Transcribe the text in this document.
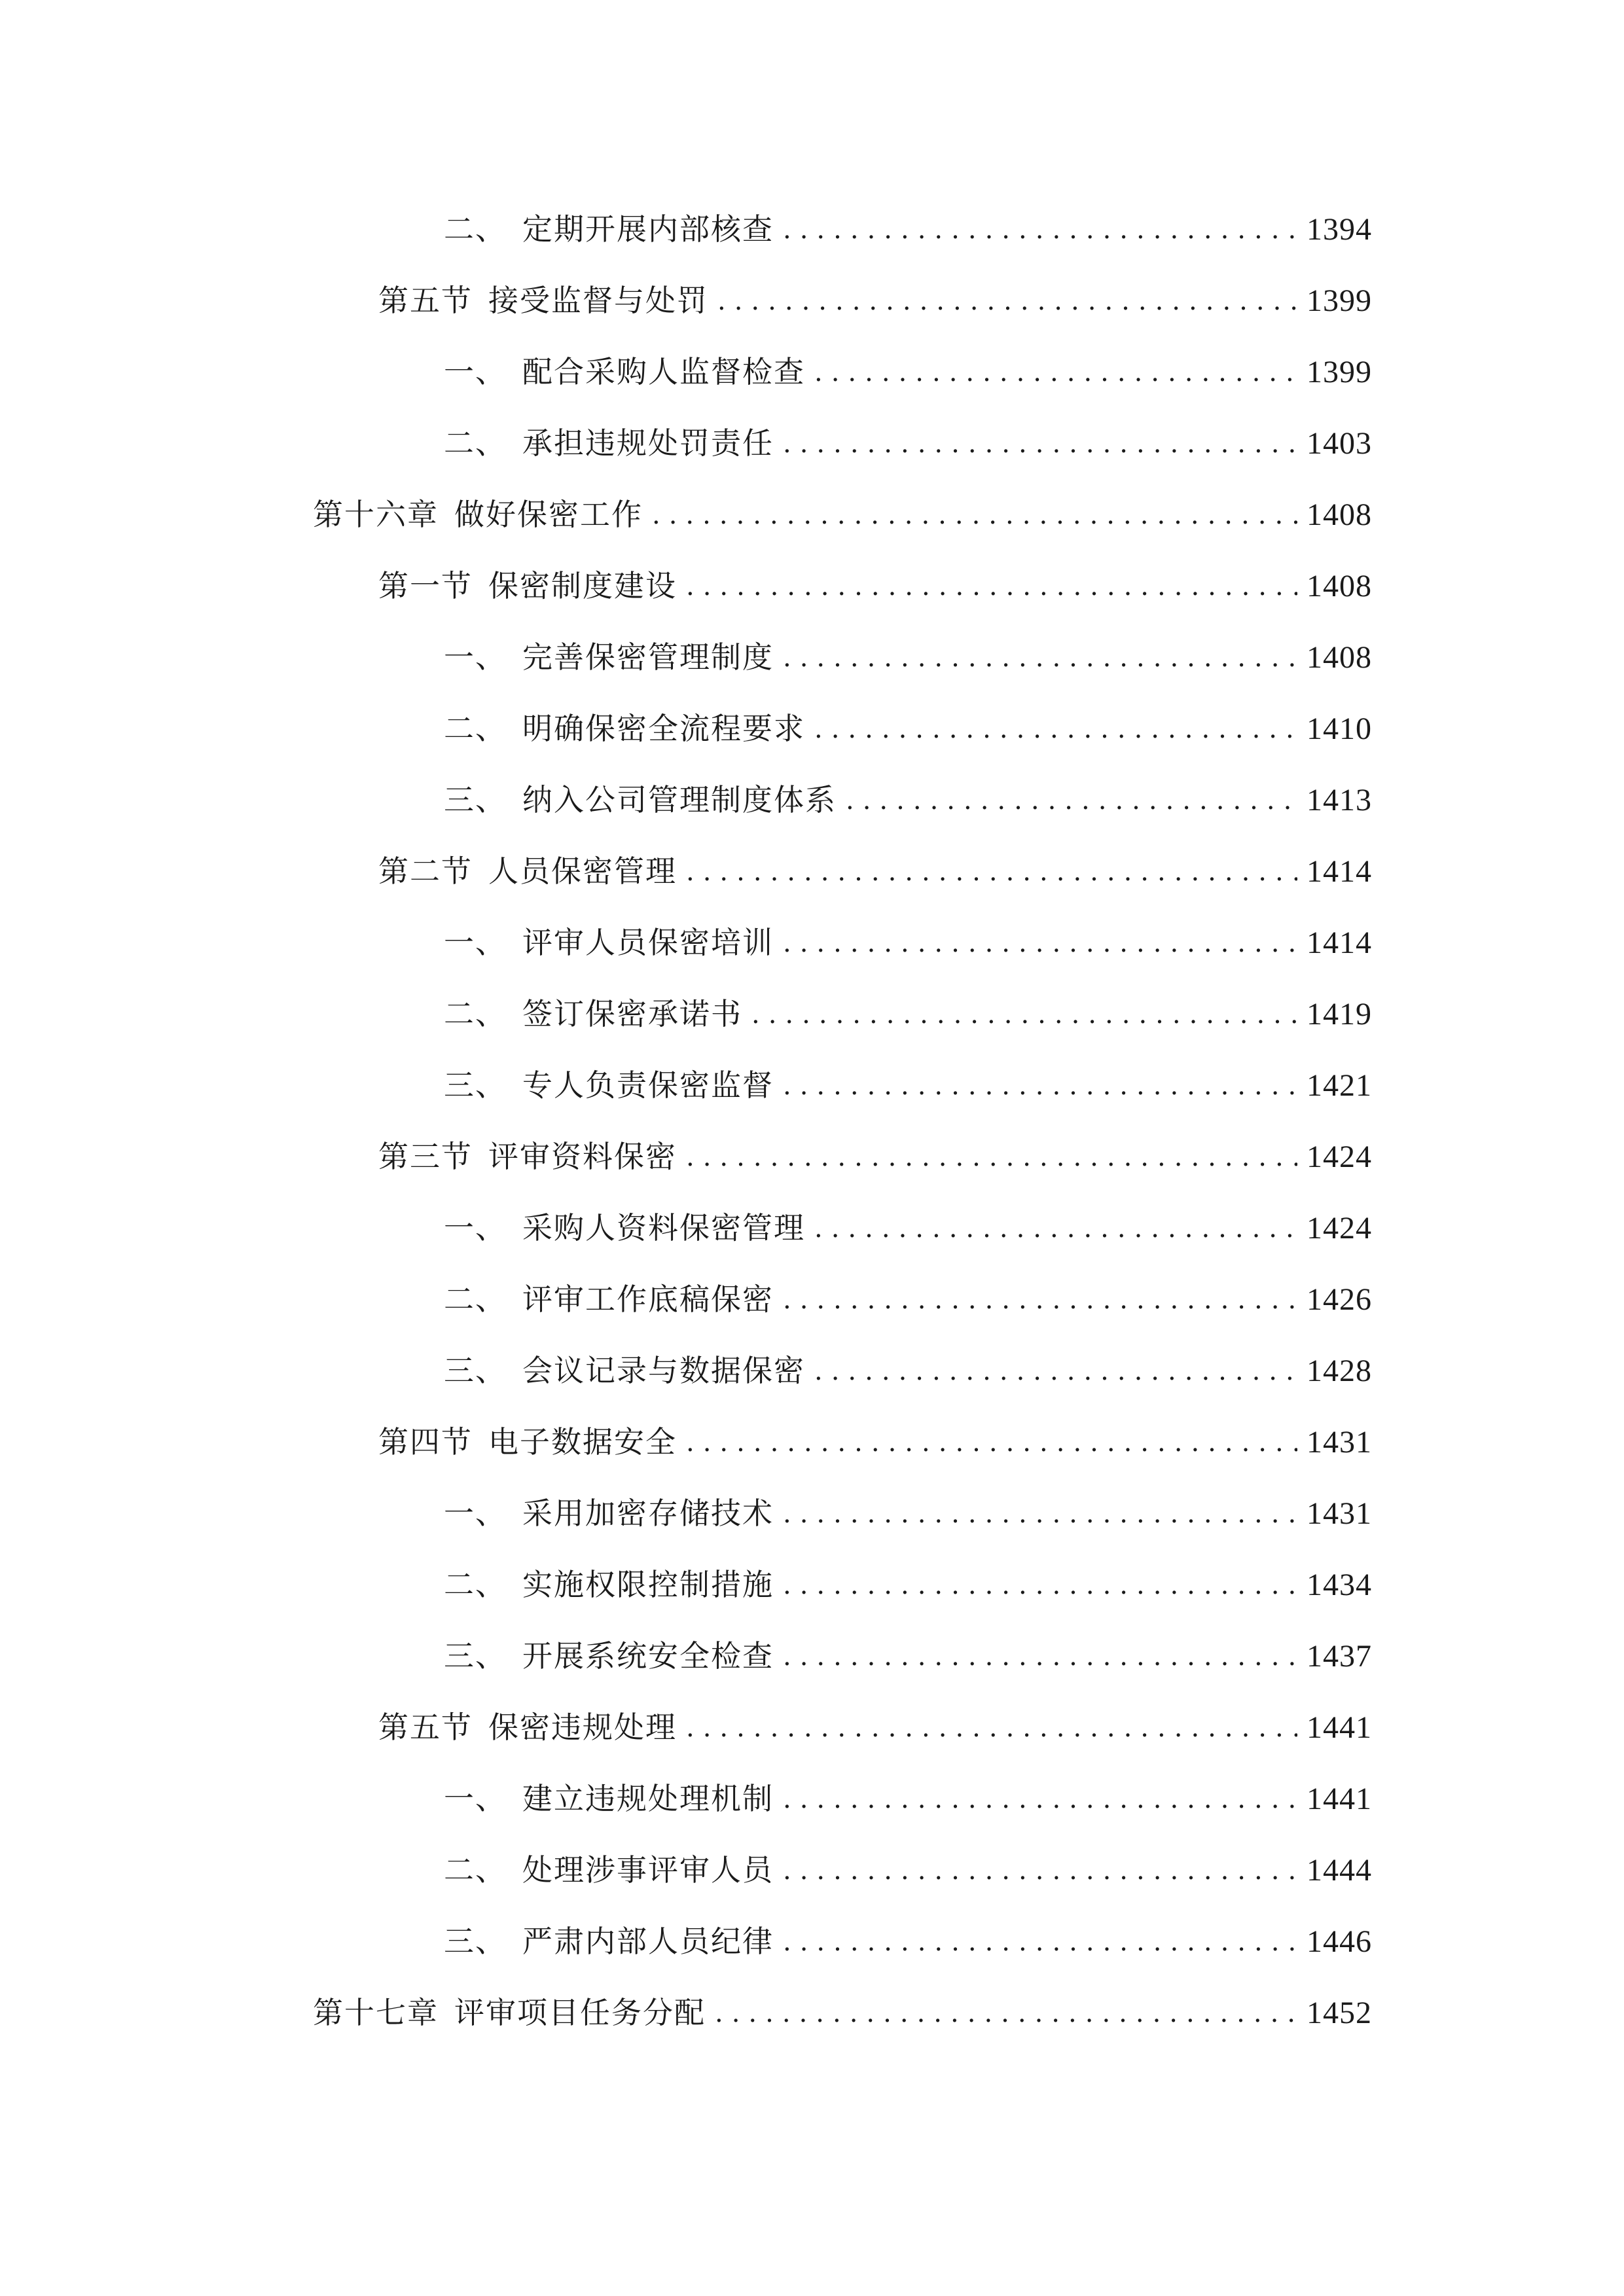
二、 定期开展内部核查 .....	1394
第五节 接受监督与处罚 .....	1399
一、 配合采购人监督检查 .....	1399
二、 承担违规处罚责任 .....	1403
第十六章 做好保密工作 .....	1408
第一节 保密制度建设 .....	1408
一、 完善保密管理制度 .....	1408
二、 明确保密全流程要求 .....	1410
三、 纳入公司管理制度体系 .....	1413
第二节 人员保密管理 .....	1414
一、 评审人员保密培训 .....	1414
二、 签订保密承诺书 .....	1419
三、 专人负责保密监督 .....	1421
第三节 评审资料保密 .....	1424
一、 采购人资料保密管理 .....	1424
二、 评审工作底稿保密 .....	1426
三、 会议记录与数据保密 .....	1428
第四节 电子数据安全 .....	1431
一、 采用加密存储技术 .....	1431
二、 实施权限控制措施 .....	1434
三、 开展系统安全检查 .....	1437
第五节 保密违规处理 .....	1441
一、 建立违规处理机制 .....	1441
二、 处理涉事评审人员 .....	1444
三、 严肃内部人员纪律 .....	1446
第十七章 评审项目任务分配 .....	1452
